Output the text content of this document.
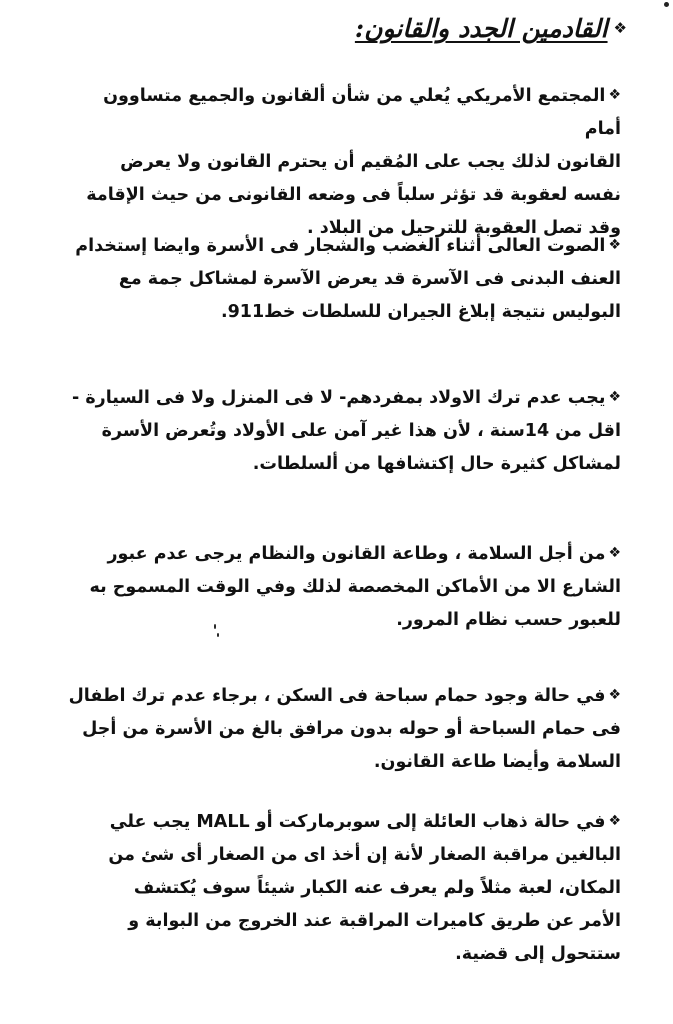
❖
القادمين الجدد والقانون:
❖المجتمع الأمريكي يُعلي من شأن ألقانون والجميع متساوون أمام
القانون لذلك يجب على المُقيم أن يحترم القانون ولا يعرض
نفسه لعقوبة قد تؤثر سلباً فى وضعه القانونى من حيث الإقامة
وقد تصل العقوبة للترحيل من البلاد .
❖الصوت العالى أثناء الغضب والشجار فى الأسرة وايضا إستخدام
العنف البدنى فى الآسرة قد يعرض الآسرة لمشاكل جمة مع
البوليس نتيجة إبلاغ الجيران للسلطات خط911.
❖يجب عدم ترك الاولاد بمفردهم- لا فى المنزل ولا فى السيارة -
اقل من 14سنة ، لأن هذا غير آمن على الأولاد وتُعرض الأسرة
لمشاكل كثيرة حال إكتشافها من ألسلطات.
❖من أجل السلامة ، وطاعة القانون والنظام يرجى عدم عبور
الشارع الا من الأماكن المخصصة لذلك وفي الوقت المسموح به
للعبور حسب نظام المرور.
❖في حالة وجود حمام سباحة فى السكن ، برجاء عدم ترك اطفال
فى حمام السباحة أو حوله بدون مرافق بالغ من الأسرة من أجل
السلامة وأيضا طاعة القانون.
❖في حالة ذهاب العائلة إلى سوبرماركت أو MALL يجب علي
البالغين مراقبة الصغار لأنة إن أخذ اى من الصغار أى شئ من
المكان، لعبة مثلاً ولم يعرف عنه الكبار شيئاً سوف يُكتشف
الأمر عن طريق كاميرات المراقبة عند الخروج من البوابة و
ستتحول إلى قضية.
